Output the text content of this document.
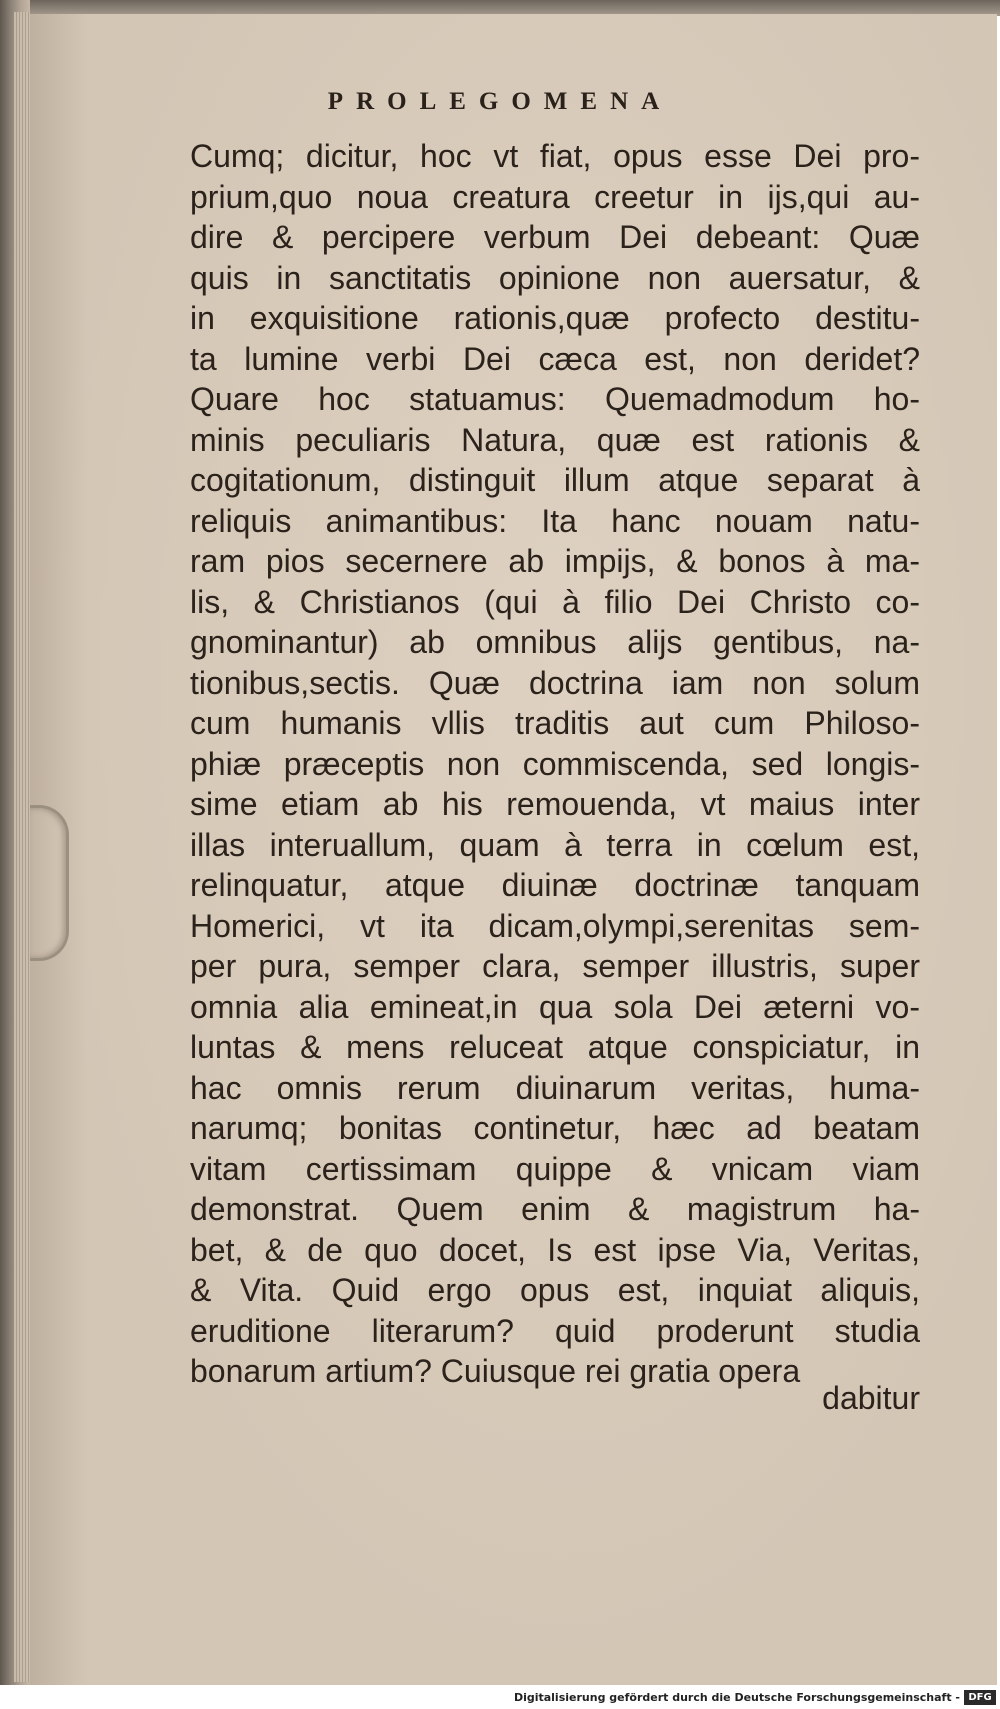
PROLEGOMENA
Cumq; dicitur, hoc vt fiat, opus esse Dei pro-
prium,quo noua creatura creetur in ijs,qui au-
dire & percipere verbum Dei debeant: Quæ
quis in sanctitatis opinione non auersatur, &
in exquisitione rationis,quæ profecto destitu-
ta lumine verbi Dei cæca est, non deridet?
Quare hoc statuamus: Quemadmodum ho-
minis peculiaris Natura, quæ est rationis &
cogitationum, distinguit illum atque separat à
reliquis animantibus: Ita hanc nouam natu-
ram pios secernere ab impijs, & bonos à ma-
lis, & Christianos (qui à filio Dei Christo co-
gnominantur) ab omnibus alijs gentibus, na-
tionibus,sectis. Quæ doctrina iam non solum
cum humanis vllis traditis aut cum Philoso-
phiæ præceptis non commiscenda, sed longis-
sime etiam ab his remouenda, vt maius inter
illas interuallum, quam à terra in cœlum est,
relinquatur, atque diuinæ doctrinæ tanquam
Homerici, vt ita dicam,olympi,serenitas sem-
per pura, semper clara, semper illustris, super
omnia alia emineat,in qua sola Dei æterni vo-
luntas & mens reluceat atque conspiciatur, in
hac omnis rerum diuinarum veritas, huma-
narumq; bonitas continetur, hæc ad beatam
vitam certissimam quippe & vnicam viam
demonstrat. Quem enim & magistrum ha-
bet, & de quo docet, Is est ipse Via, Veritas,
& Vita. Quid ergo opus est, inquiat aliquis,
eruditione literarum? quid proderunt studia
bonarum artium? Cuiusque rei gratia opera
dabitur
Digitalisierung gefördert durch die Deutsche Forschungsgemeinschaft - DFG
